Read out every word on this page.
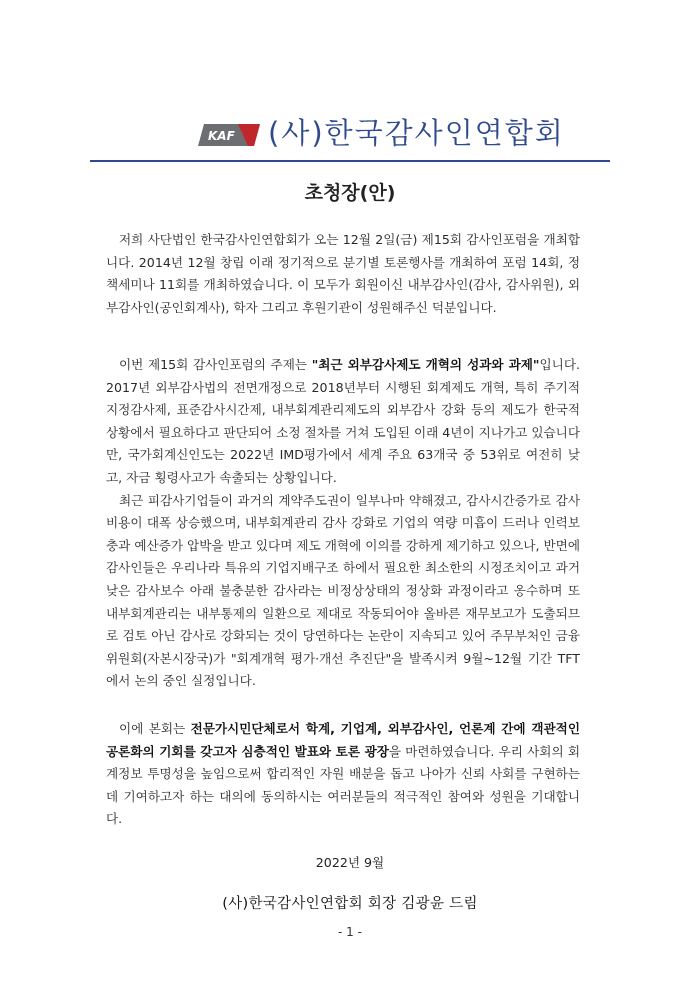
KAF (사)한국감사인연합회
초청장(안)

저희 사단법인 한국감사인연합회가 오는 12월 2일(금) 제15회 감사인포럼을 개최합니다. 2014년 12월 창립 이래 정기적으로 분기별 토론행사를 개최하여 포럼 14회, 정책세미나 11회를 개최하였습니다. 이 모두가 회원이신 내부감사인(감사, 감사위원), 외부감사인(공인회계사), 학자 그리고 후원기관이 성원해주신 덕분입니다.

이번 제15회 감사인포럼의 주제는 "최근 외부감사제도 개혁의 성과와 과제"입니다. 2017년 외부감사법의 전면개정으로 2018년부터 시행된 회계제도 개혁, 특히 주기적 지정감사제, 표준감사시간제, 내부회계관리제도의 외부감사 강화 등의 제도가 한국적 상황에서 필요하다고 판단되어 소정 절차를 거쳐 도입된 이래 4년이 지나가고 있습니다만, 국가회계신인도는 2022년 IMD평가에서 세계 주요 63개국 중 53위로 여전히 낮고, 자금 횡령사고가 속출되는 상황입니다.

최근 피감사기업들이 과거의 계약주도권이 일부나마 약해졌고, 감사시간증가로 감사비용이 대폭 상승했으며, 내부회계관리 감사 강화로 기업의 역량 미흡이 드러나 인력보충과 예산증가 압박을 받고 있다며 제도 개혁에 이의를 강하게 제기하고 있으나, 반면에 감사인들은 우리나라 특유의 기업지배구조 하에서 필요한 최소한의 시정조치이고 과거 낮은 감사보수 아래 불충분한 감사라는 비정상상태의 정상화 과정이라고 옹수하며 또 내부회계관리는 내부통제의 일환으로 제대로 작동되어야 올바른 재무보고가 도출되므로 검토 아닌 감사로 강화되는 것이 당연하다는 논란이 지속되고 있어 주무부처인 금융위원회(자본시장국)가 "회계개혁 평가·개선 추진단"을 발족시켜 9월~12월 기간 TFT에서 논의 중인 실정입니다.

이에 본회는 전문가시민단체로서 학계, 기업계, 외부감사인, 언론계 간에 객관적인 공론화의 기회를 갖고자 심층적인 발표와 토론 광장을 마련하였습니다. 우리 사회의 회계정보 투명성을 높임으로써 합리적인 자원 배분을 돕고 나아가 신뢰 사회를 구현하는데 기여하고자 하는 대의에 동의하시는 여러분들의 적극적인 참여와 성원을 기대합니다.

2022년 9월
(사)한국감사인연합회 회장 김광윤 드림
- 1 -
